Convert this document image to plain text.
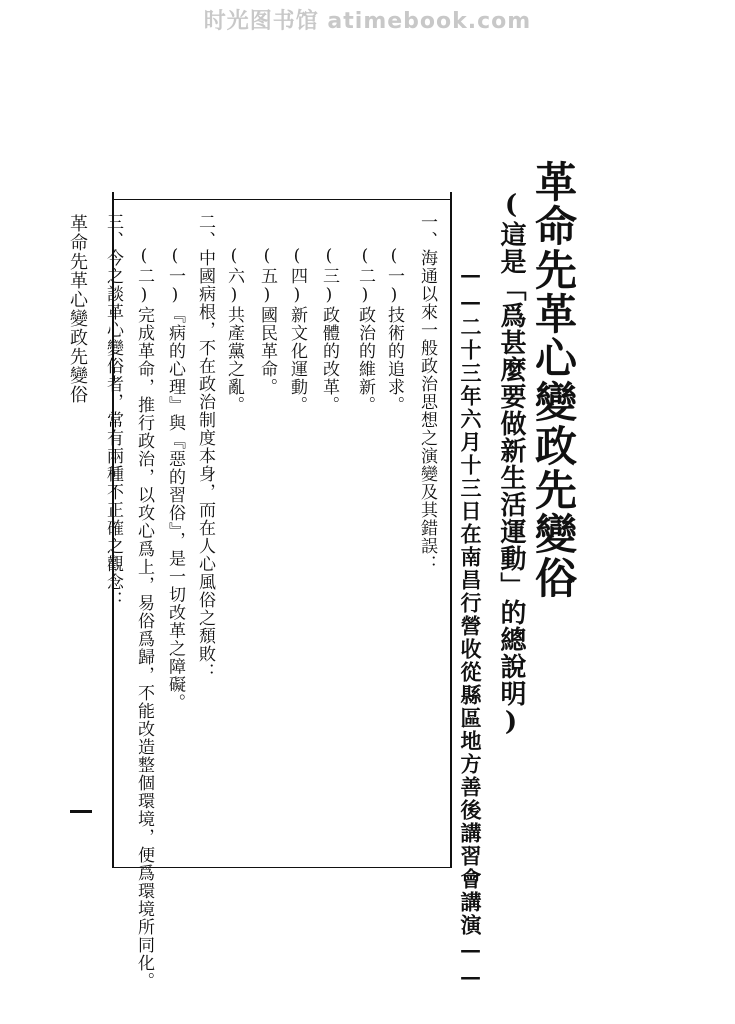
时光图书馆 atimebook.com
革命先革心變政先變俗
(這是「爲甚麼要做新生活運動」的總說明)
——二十三年六月十三日在南昌行營收從縣區地方善後講習會講演——
一、海通以來一般政治思想之演變及其錯誤：
(一)技術的追求。
(二)政治的維新。
(三)政體的改革。
(四)新文化運動。
(五)國民革命。
(六)共產黨之亂。
二、中國病根，不在政治制度本身，而在人心風俗之頹敗：
(一)『病的心理』與『惡的習俗』，是一切改革之障礙。
(二)完成革命，推行政治，以攻心爲上，易俗爲歸，不能改造整個環境，便爲環境所同化。
三、今之談革心變俗者，常有兩種不正確之觀念：
革命先革心變政先變俗
